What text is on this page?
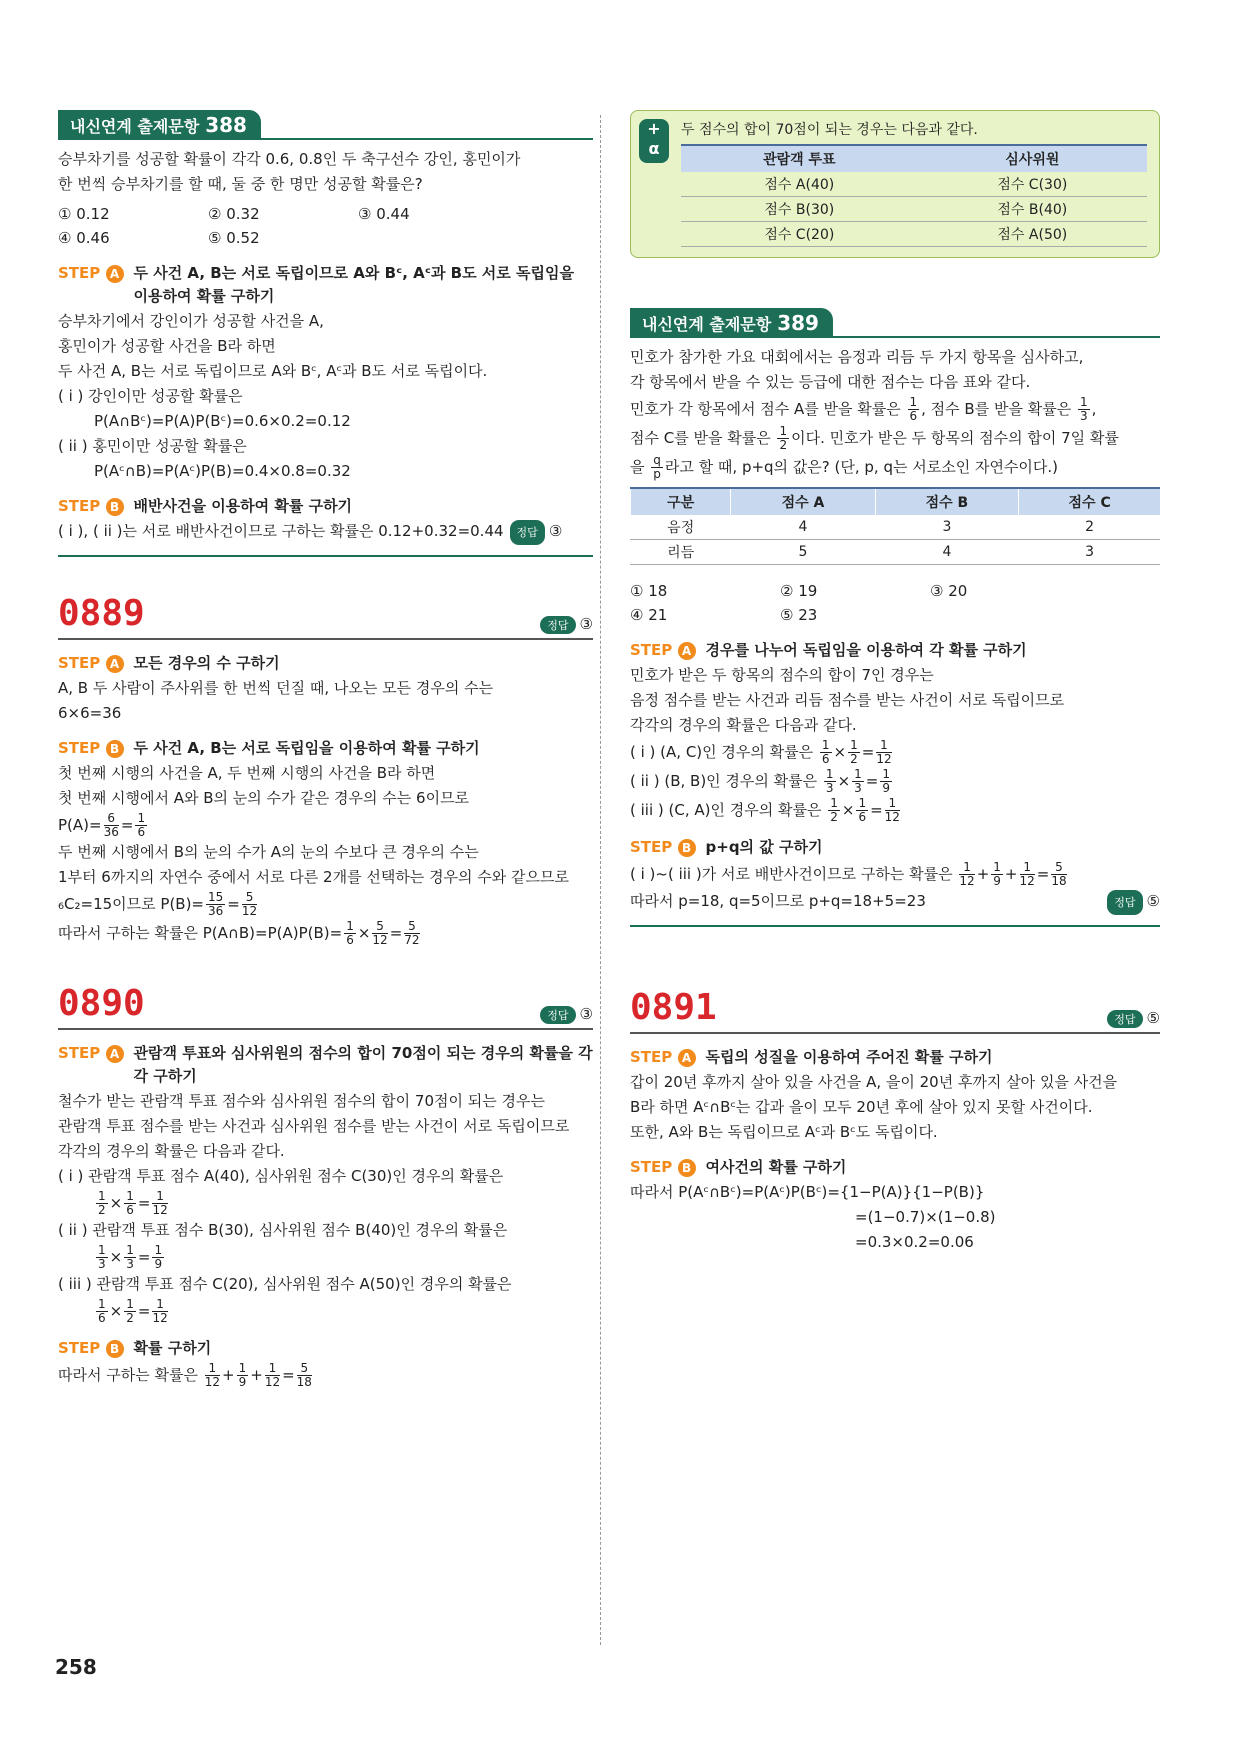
내신연계 출제문항 388

승부차기를 성공할 확률이 각각 0.6, 0.8인 두 축구선수 강인, 홍민이가

한 번씩 승부차기를 할 때, 둘 중 한 명만 성공할 확률은?

① 0.12	② 0.32	③ 0.44
④ 0.46	⑤ 0.52
STEP A 두 사건 A, B는 서로 독립이므로 A와 Bᶜ, Aᶜ과 B도 서로 독립임을 이용하여 확률 구하기

승부차기에서 강인이가 성공할 사건을 A,

홍민이가 성공할 사건을 B라 하면

두 사건 A, B는 서로 독립이므로 A와 Bᶜ, Aᶜ과 B도 서로 독립이다.

( i ) 강인이만 성공할 확률은

P(A∩Bᶜ)=P(A)P(Bᶜ)=0.6×0.2=0.12

( ii ) 홍민이만 성공할 확률은

P(Aᶜ∩B)=P(Aᶜ)P(B)=0.4×0.8=0.32

STEP B 배반사건을 이용하여 확률 구하기

( i ), ( ii )는 서로 배반사건이므로 구하는 확률은 0.12+0.32=0.44 정답 ③

0889	정답 ③
STEP A 모든 경우의 수 구하기

A, B 두 사람이 주사위를 한 번씩 던질 때, 나오는 모든 경우의 수는

6×6=36

STEP B 두 사건 A, B는 서로 독립임을 이용하여 확률 구하기

첫 번째 시행의 사건을 A, 두 번째 시행의 사건을 B라 하면

첫 번째 시행에서 A와 B의 눈의 수가 같은 경우의 수는 6이므로

$P(A)= \frac{6}{36} = \frac{1}{6}$

두 번째 시행에서 B의 눈의 수가 A의 눈의 수보다 큰 경우의 수는

1부터 6까지의 자연수 중에서 서로 다른 2개를 선택하는 경우의 수와 같으므로

₆C₂=15이므로 $P(B)= \frac{15}{36} = \frac{5}{12}$

따라서 구하는 확률은 P(A∩B)=P(A)P(B)= $\frac{1}{6} \times \frac{5}{12} = \frac{5}{72}$

0890	정답 ③
STEP A 관람객 투표와 심사위원의 점수의 합이 70점이 되는 경우의 확률을 각각 구하기

철수가 받는 관람객 투표 점수와 심사위원 점수의 합이 70점이 되는 경우는

관람객 투표 점수를 받는 사건과 심사위원 점수를 받는 사건이 서로 독립이므로

각각의 경우의 확률은 다음과 같다.

( i ) 관람객 투표 점수 A(40), 심사위원 점수 C(30)인 경우의 확률은

$\frac{1}{2} \times \frac{1}{6} = \frac{1}{12}$

( ii ) 관람객 투표 점수 B(30), 심사위원 점수 B(40)인 경우의 확률은

$\frac{1}{3} \times \frac{1}{3} = \frac{1}{9}$

( iii ) 관람객 투표 점수 C(20), 심사위원 점수 A(50)인 경우의 확률은

$\frac{1}{6} \times \frac{1}{2} = \frac{1}{12}$

STEP B 확률 구하기

따라서 구하는 확률은 $\frac{1}{12} + \frac{1}{9} + \frac{1}{12} = \frac{5}{18}$

+
α

두 점수의 합이 70점이 되는 경우는 다음과 같다.

관람객 투표	심사위원
점수 A(40)	점수 C(30)
점수 B(30)	점수 B(40)
점수 C(20)	점수 A(50)
내신연계 출제문항 389

민호가 참가한 가요 대회에서는 음정과 리듬 두 가지 항목을 심사하고,

각 항목에서 받을 수 있는 등급에 대한 점수는 다음 표와 같다.

민호가 각 항목에서 점수 A를 받을 확률은 $\frac{1}{6}$ , 점수 B를 받을 확률은 $\frac{1}{3}$ ,

점수 C를 받을 확률은 $\frac{1}{2}$ 이다. 민호가 받은 두 항목의 점수의 합이 7일 확률

을 $\frac{q}{p}$ 라고 할 때, p+q의 값은? (단, p, q는 서로소인 자연수이다.)

구분	점수 A	점수 B	점수 C
음정	4	3	2
리듬	5	4	3
① 18	② 19	③ 20
④ 21	⑤ 23
STEP A 경우를 나누어 독립임을 이용하여 각 확률 구하기

민호가 받은 두 항목의 점수의 합이 7인 경우는

음정 점수를 받는 사건과 리듬 점수를 받는 사건이 서로 독립이므로

각각의 경우의 확률은 다음과 같다.

( i ) (A, C)인 경우의 확률은 $\frac{1}{6} \times \frac{1}{2} = \frac{1}{12}$

( ii ) (B, B)인 경우의 확률은 $\frac{1}{3} \times \frac{1}{3} = \frac{1}{9}$

( iii ) (C, A)인 경우의 확률은 $\frac{1}{2} \times \frac{1}{6} = \frac{1}{12}$

STEP B p+q의 값 구하기

( i )~( iii )가 서로 배반사건이므로 구하는 확률은 $\frac{1}{12} + \frac{1}{9} + \frac{1}{12} = \frac{5}{18}$

따라서 p=18, q=5이므로 p+q=18+5=23	정답 ⑤

0891	정답 ⑤
STEP A 독립의 성질을 이용하여 주어진 확률 구하기

갑이 20년 후까지 살아 있을 사건을 A, 을이 20년 후까지 살아 있을 사건을

B라 하면 Aᶜ∩Bᶜ는 갑과 을이 모두 20년 후에 살아 있지 못할 사건이다.

또한, A와 B는 독립이므로 Aᶜ과 Bᶜ도 독립이다.

STEP B 여사건의 확률 구하기

따라서 P(Aᶜ∩Bᶜ)=P(Aᶜ)P(Bᶜ)={1−P(A)}{1−P(B)}

=(1−0.7)×(1−0.8)

=0.3×0.2=0.06

258
